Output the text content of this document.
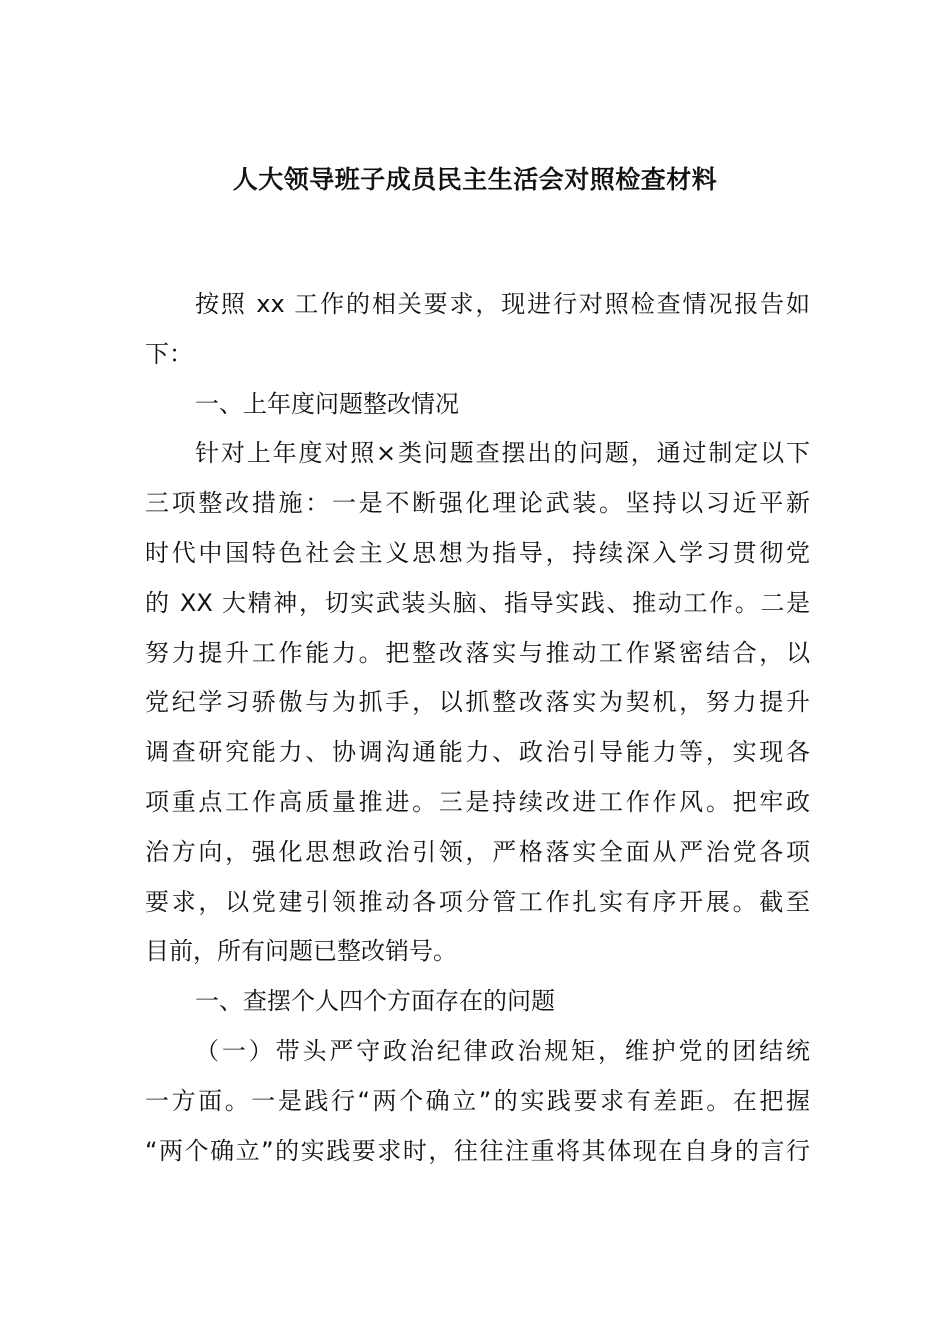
人大领导班子成员民主生活会对照检查材料
按照 xx 工作的相关要求，现进行对照检查情况报告如
下：
一、上年度问题整改情况
针对上年度对照×类问题查摆出的问题，通过制定以下
三项整改措施：一是不断强化理论武装。坚持以习近平新
时代中国特色社会主义思想为指导，持续深入学习贯彻党
的 XX 大精神，切实武装头脑、指导实践、推动工作。二是
努力提升工作能力。把整改落实与推动工作紧密结合，以
党纪学习骄傲与为抓手，以抓整改落实为契机，努力提升
调查研究能力、协调沟通能力、政治引导能力等，实现各
项重点工作高质量推进。三是持续改进工作作风。把牢政
治方向，强化思想政治引领，严格落实全面从严治党各项
要求，以党建引领推动各项分管工作扎实有序开展。截至
目前，所有问题已整改销号。
一、查摆个人四个方面存在的问题
（一）带头严守政治纪律政治规矩，维护党的团结统
一方面。一是践行“两个确立”的实践要求有差距。在把握
“两个确立”的实践要求时，往往注重将其体现在自身的言行
